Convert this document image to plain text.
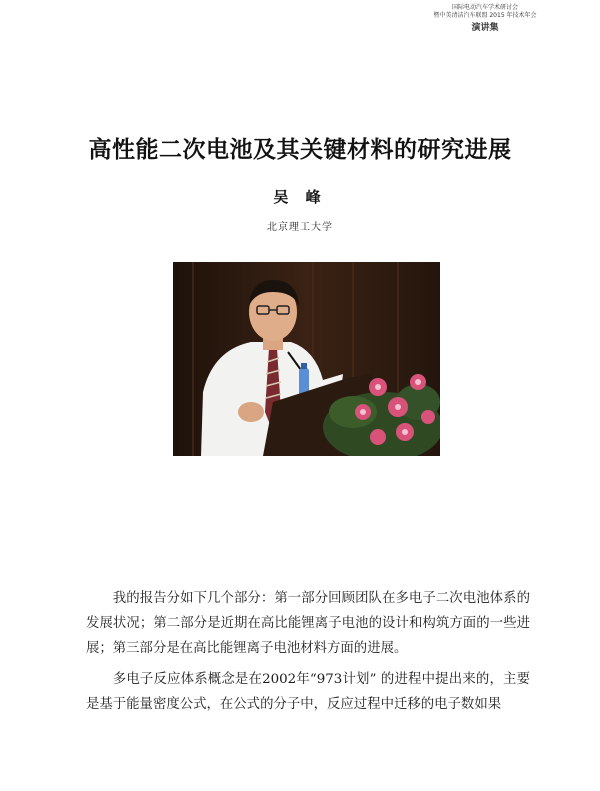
国际电动汽车学术研讨会
暨中美清洁汽车联盟 2015 年技术年会
演讲集
高性能二次电池及其关键材料的研究进展
吴 峰
北京理工大学

我的报告分如下几个部分：第一部分回顾团队在多电子二次电池体系的发展状况；第二部分是近期在高比能锂离子电池的设计和构筑方面的一些进展；第三部分是在高比能锂离子电池材料方面的进展。

多电子反应体系概念是在2002年“973计划” 的进程中提出来的，主要是基于能量密度公式，在公式的分子中，反应过程中迁移的电子数如果
